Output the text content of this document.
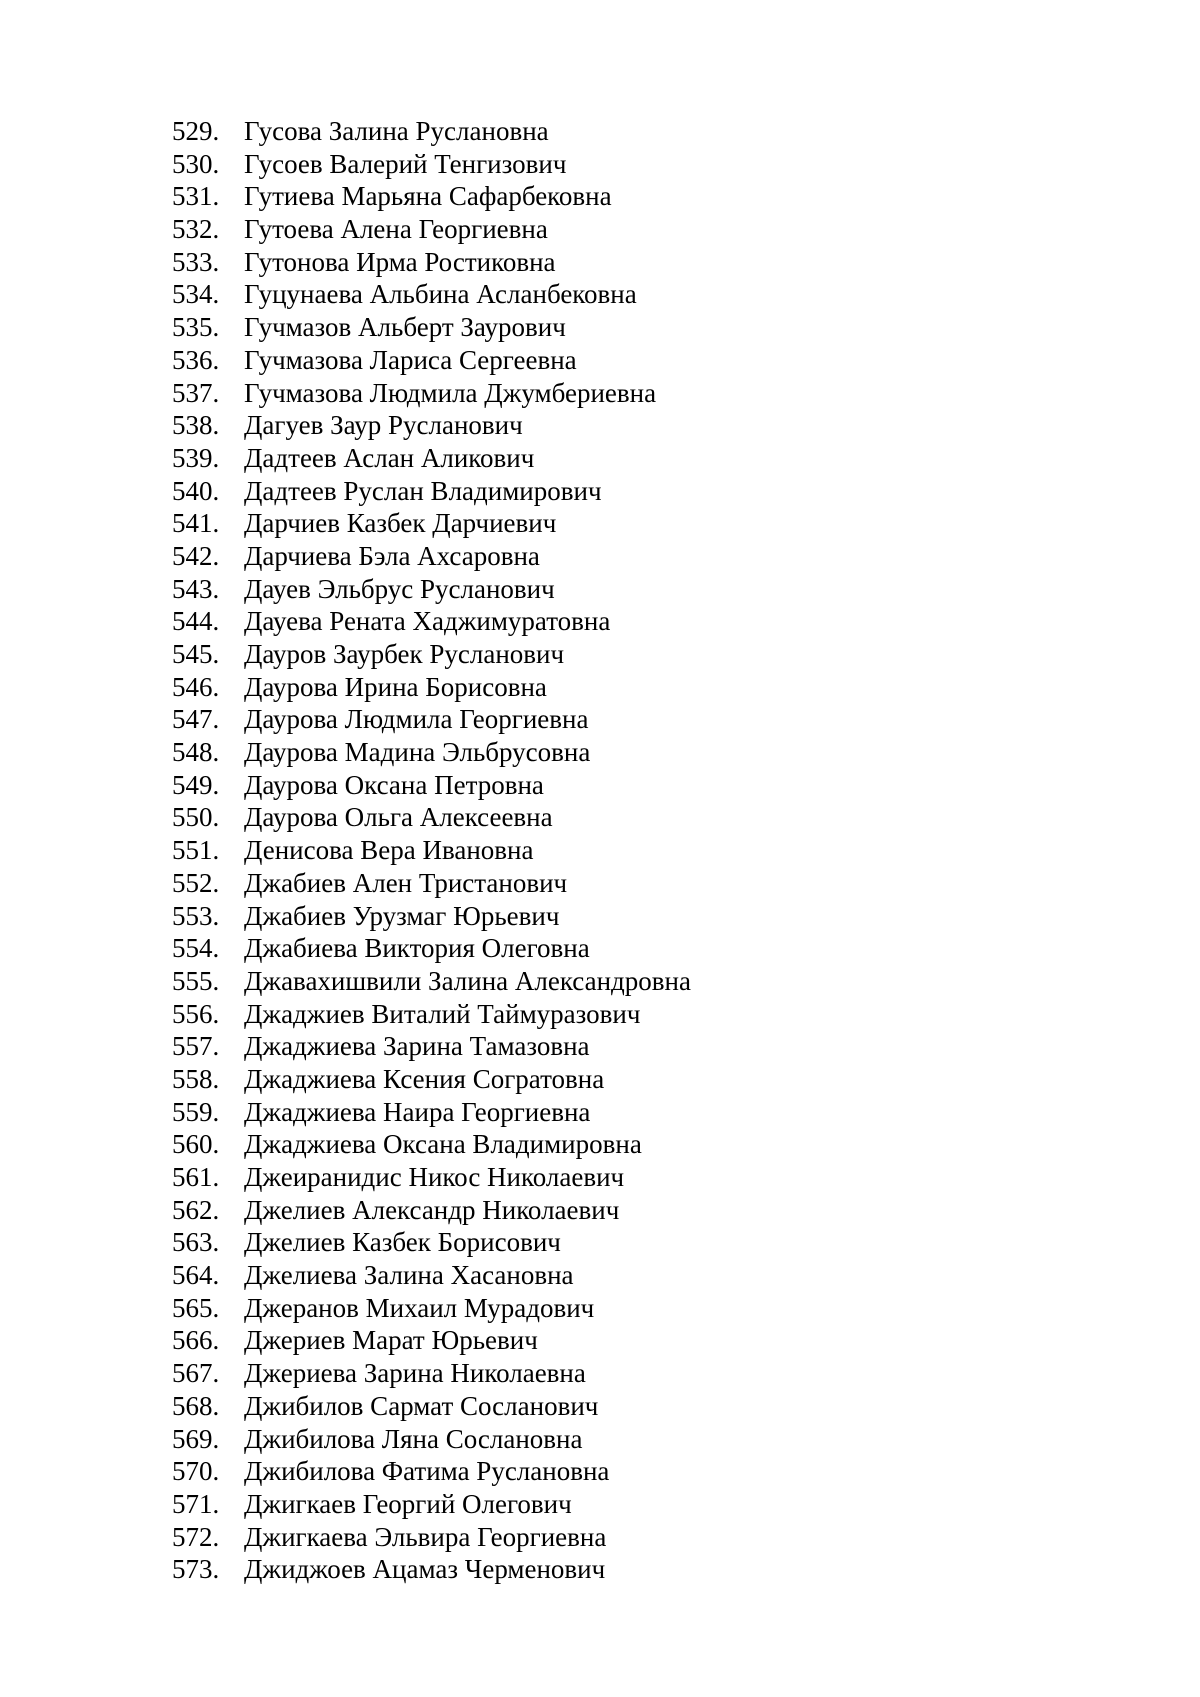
529. Гусова Залина Руслановна
530. Гусоев Валерий Тенгизович
531. Гутиева Марьяна Сафарбековна
532. Гутоева Алена Георгиевна
533. Гутонова Ирма Ростиковна
534. Гуцунаева Альбина Асланбековна
535. Гучмазов Альберт Заурович
536. Гучмазова Лариса Сергеевна
537. Гучмазова Людмила Джумбериевна
538. Дагуев Заур Русланович
539. Дадтеев Аслан Аликович
540. Дадтеев Руслан Владимирович
541. Дарчиев Казбек Дарчиевич
542. Дарчиева Бэла Ахсаровна
543. Дауев Эльбрус Русланович
544. Дауева Рената Хаджимуратовна
545. Дауров Заурбек Русланович
546. Даурова Ирина Борисовна
547. Даурова Людмила Георгиевна
548. Даурова Мадина Эльбрусовна
549. Даурова Оксана Петровна
550. Даурова Ольга Алексеевна
551. Денисова Вера Ивановна
552. Джабиев Ален Тристанович
553. Джабиев Урузмаг Юрьевич
554. Джабиева Виктория Олеговна
555. Джавахишвили Залина Александровна
556. Джаджиев Виталий Таймуразович
557. Джаджиева Зарина Тамазовна
558. Джаджиева Ксения Согратовна
559. Джаджиева Наира Георгиевна
560. Джаджиева Оксана Владимировна
561. Джеиранидис Никос Николаевич
562. Джелиев Александр Николаевич
563. Джелиев Казбек Борисович
564. Джелиева Залина Хасановна
565. Джеранов Михаил Мурадович
566. Джериев Марат Юрьевич
567. Джериева Зарина Николаевна
568. Джибилов Сармат Сосланович
569. Джибилова Ляна Сослановна
570. Джибилова Фатима Руслановна
571. Джигкаев Георгий Олегович
572. Джигкаева Эльвира Георгиевна
573. Джиджоев Ацамаз Черменович
